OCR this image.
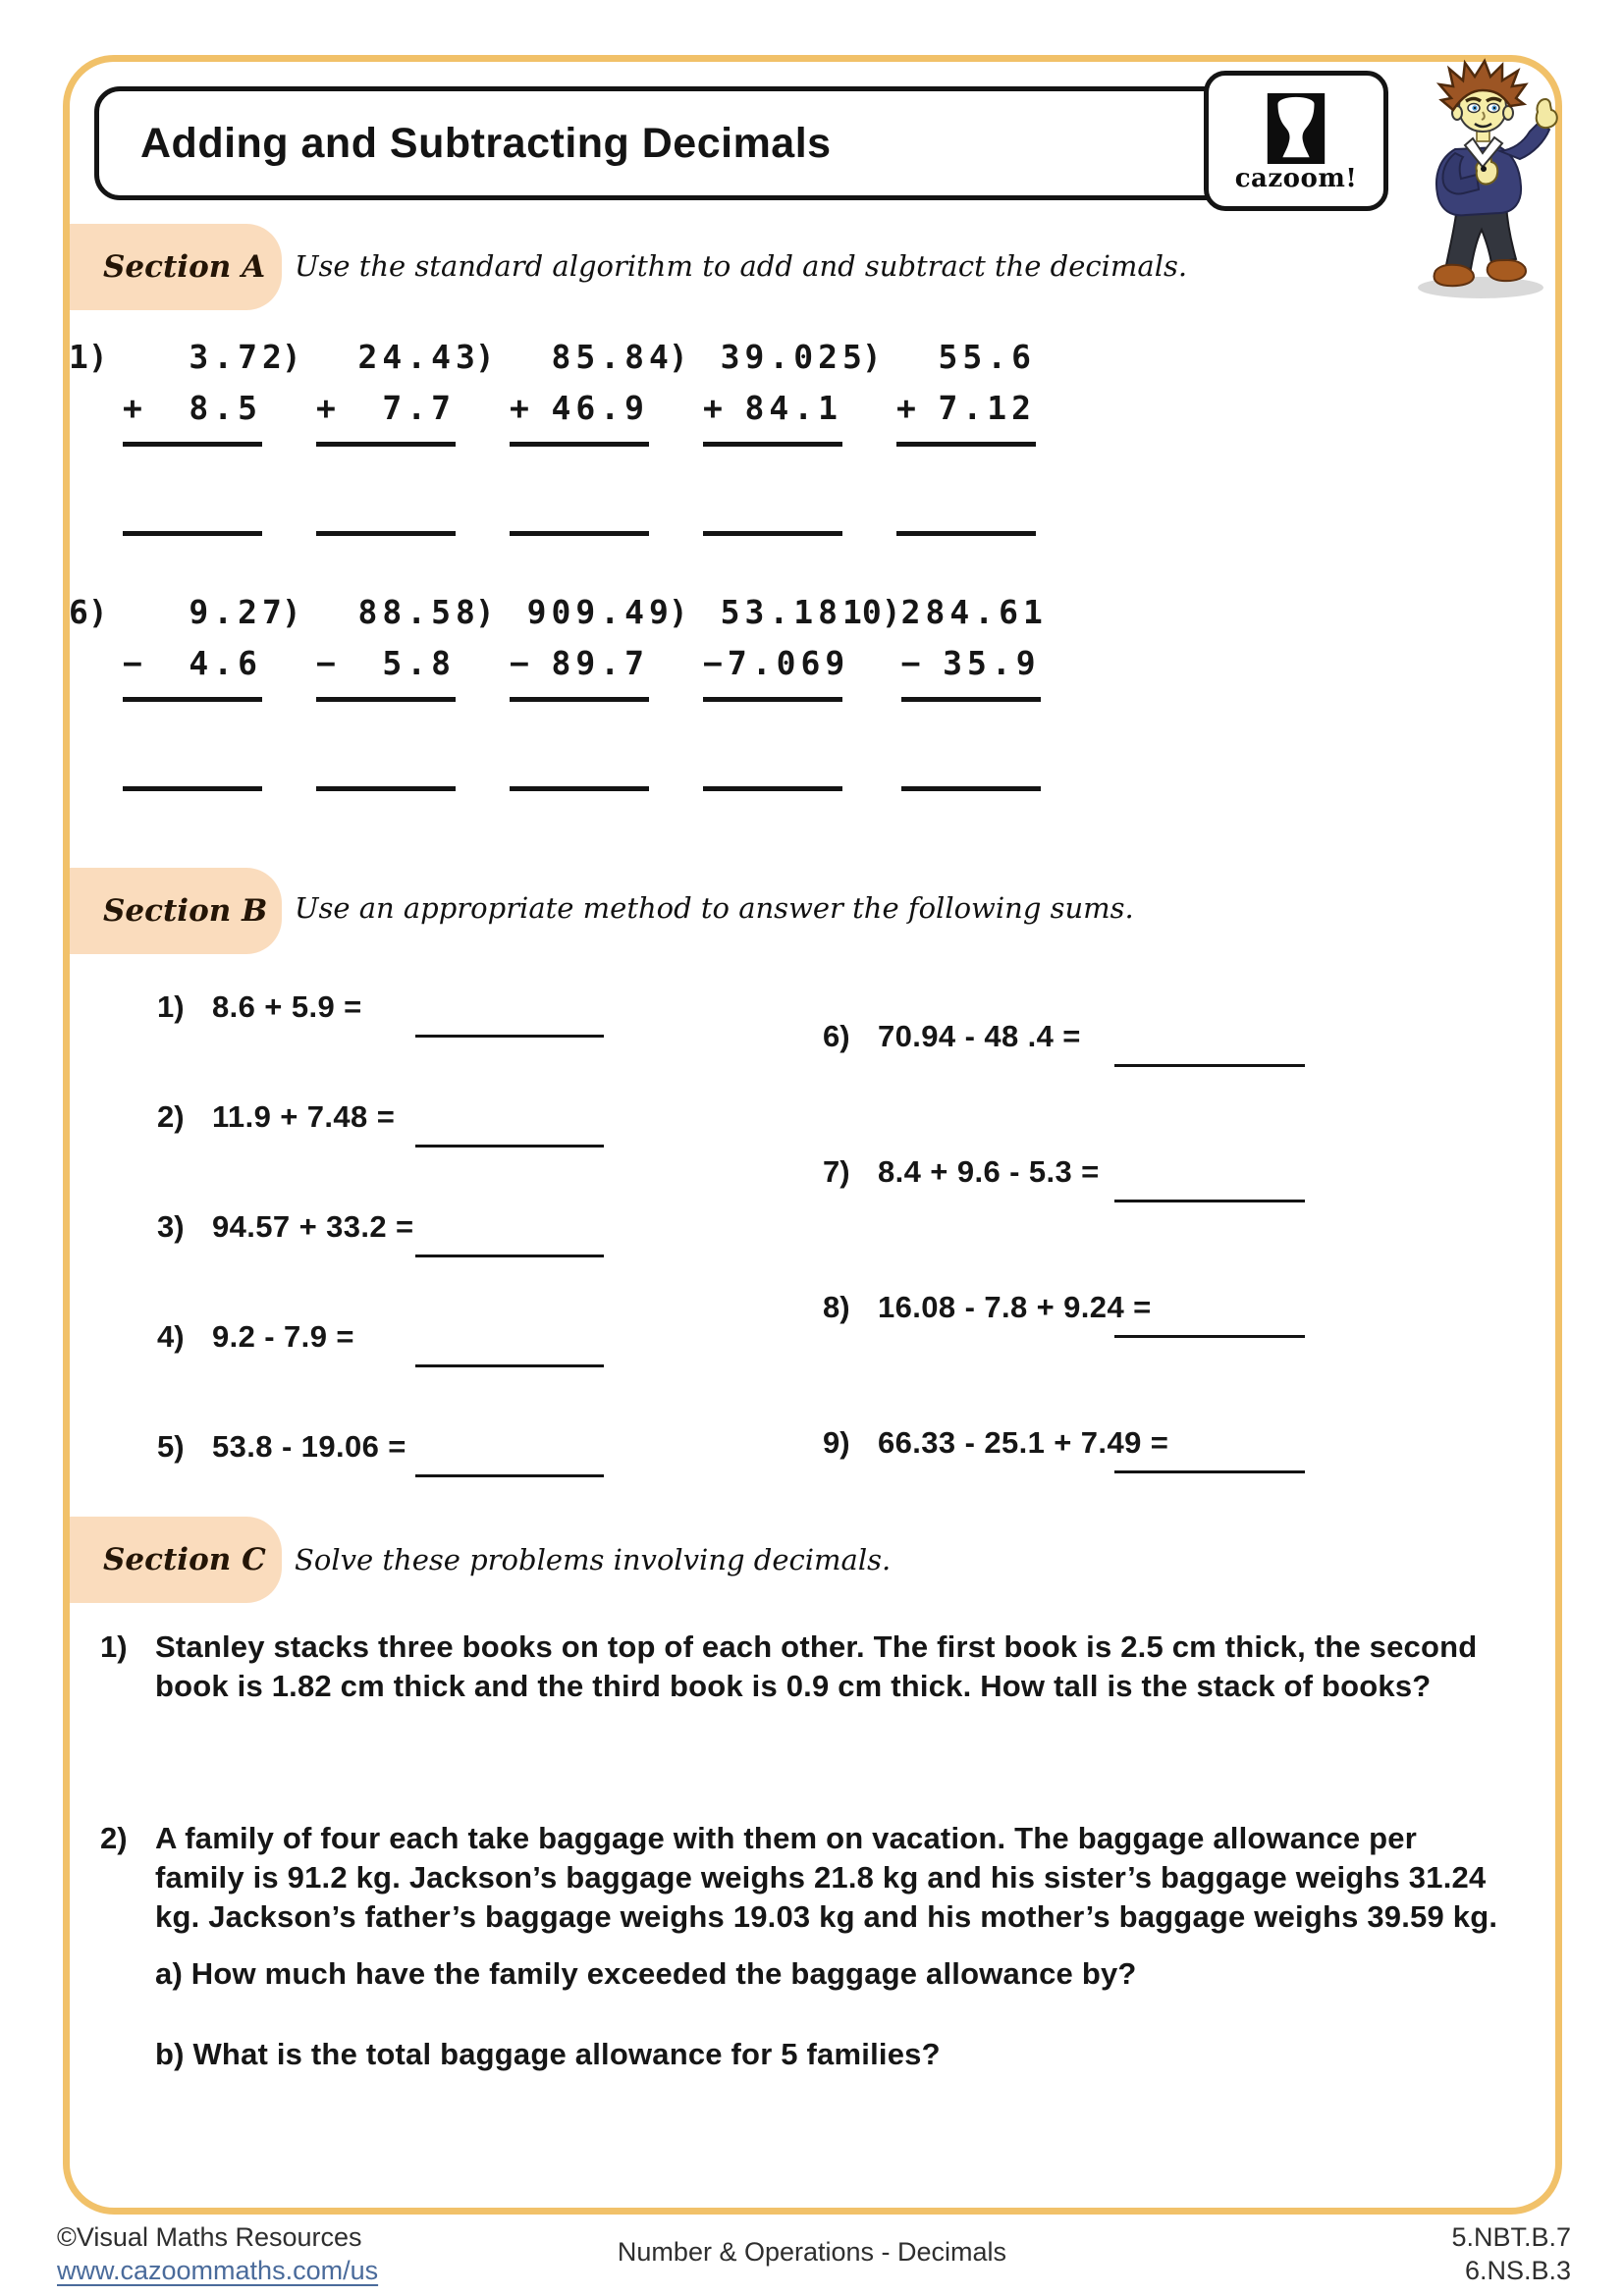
Adding and Subtracting Decimals
cazoom!
Section A	Use the standard algorithm to add and subtract the decimals.
1)	3.7
+ 8.5
2)	24.4
+ 7.7
3)	85.8
+ 46.9
4) 39.02
+ 84.1
5)	55.6
+ 7.12
6)	9.2
− 4.6
7)	88.5
− 5.8
8) 909.4
− 89.7
9) 53.18
− 7.069
10) 284.61
− 35.9
Section B Use an appropriate method to answer the following sums.
1) 8.6 + 5.9 =
2) 11.9 + 7.48 =
3) 94.57 + 33.2 =
4) 9.2 - 7.9 =
5) 53.8 - 19.06 =
6) 70.94 - 48 .4 =
7) 8.4 + 9.6 - 5.3 =
8) 16.08 - 7.8 + 9.24 =
9) 66.33 - 25.1 + 7.49 =
Section C	Solve these problems involving decimals.
1) Stanley stacks three books on top of each other. The first book is 2.5 cm thick, the second book is 1.82 cm thick and the third book is 0.9 cm thick. How tall is the stack of books?
2) A family of four each take baggage with them on vacation. The baggage allowance per family is 91.2 kg. Jackson’s baggage weighs 21.8 kg and his sister’s baggage weighs 31.24 kg. Jackson’s father’s baggage weighs 19.03 kg and his mother’s baggage weighs 39.59 kg.
a) How much have the family exceeded the baggage allowance by?
b) What is the total baggage allowance for 5 families?
©Visual Maths Resources
www.cazoommaths.com/us
Number & Operations - Decimals	5.NBT.B.7
6.NS.B.3
